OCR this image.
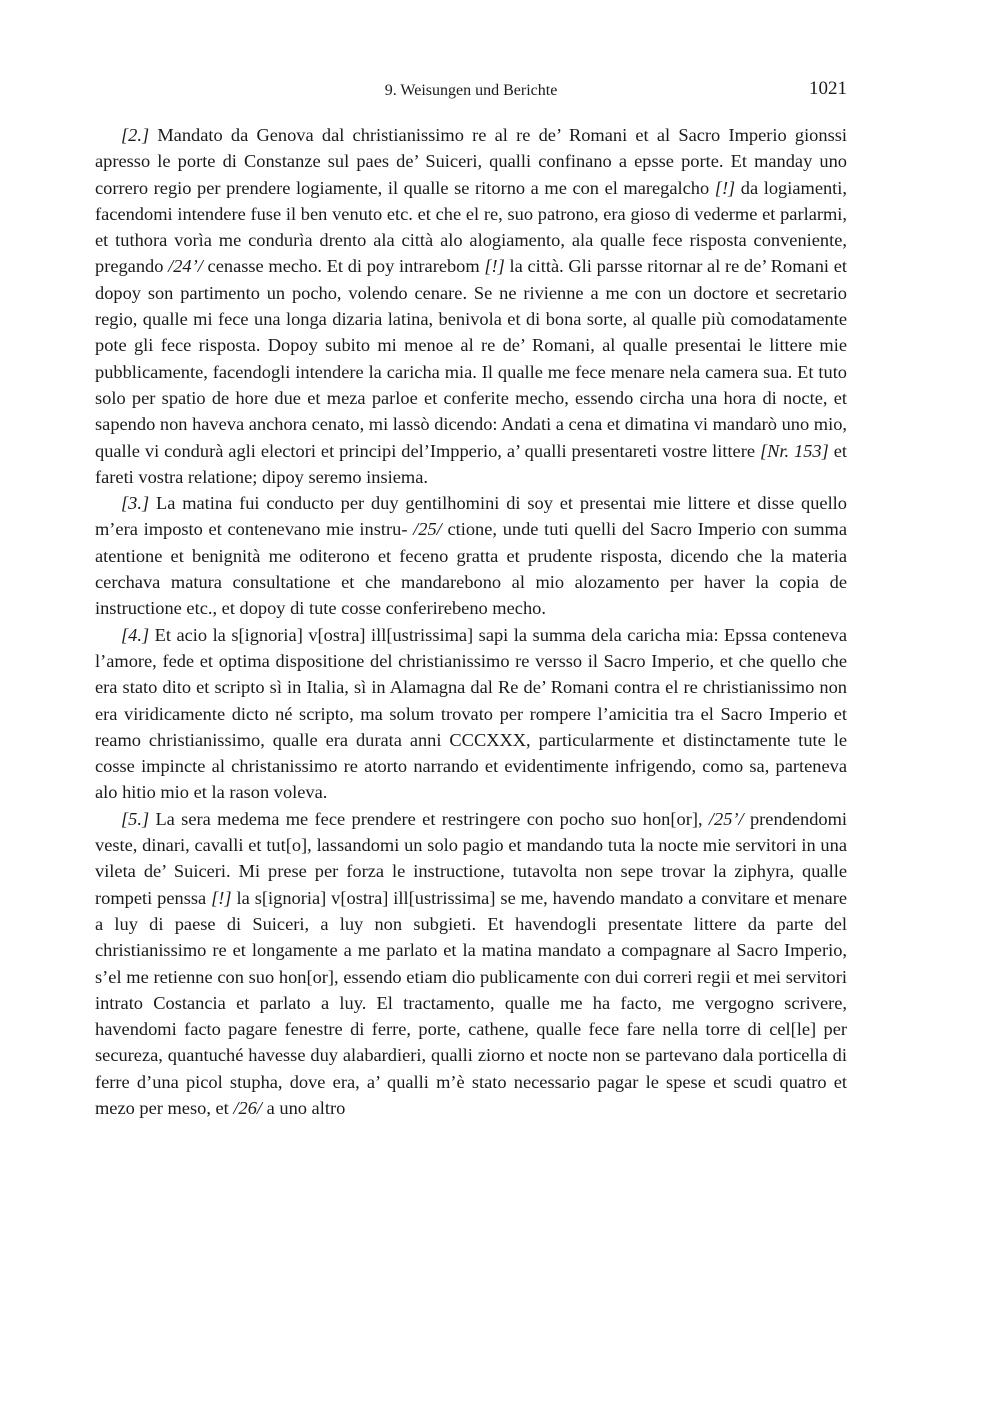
9. Weisungen und Berichte	1021

[2.] Mandato da Genova dal christianissimo re al re de’ Romani et al Sacro Imperio gionssi apresso le porte di Constanze sul paes de’ Suiceri, qualli confinano a epsse porte. Et manday uno correro regio per prendere logiamente, il qualle se ritorno a me con el maregalcho [!] da logiamenti, facendomi intendere fuse il ben venuto etc. et che el re, suo patrono, era gioso di vederme et parlarmi, et tuthora vorìa me condurìa drento ala città alo alogiamento, ala qualle fece risposta conveniente, pregando /24’/ cenasse mecho. Et di poy intrarebom [!] la città. Gli parsse ritornar al re de’ Romani et dopoy son partimento un pocho, volendo cenare. Se ne rivienne a me con un doctore et secretario regio, qualle mi fece una longa dizaria latina, benivola et di bona sorte, al qualle più comodatamente pote gli fece risposta. Dopoy subito mi menoe al re de’ Romani, al qualle presentai le littere mie pubblicamente, facendogli intendere la caricha mia. Il qualle me fece menare nela camera sua. Et tuto solo per spatio de hore due et meza parloe et conferite mecho, essendo circha una hora di nocte, et sapendo non haveva anchora cenato, mi lassò dicendo: Andati a cena et dimatina vi mandarò uno mio, qualle vi condurà agli electori et principi del’Impperio, a’ qualli presentareti vostre littere [Nr. 153] et fareti vostra relatione; dipoy seremo insiema.

[3.] La matina fui conducto per duy gentilhomini di soy et presentai mie littere et disse quello m’era imposto et contenevano mie instru- /25/ ctione, unde tuti quelli del Sacro Imperio con summa atentione et benignità me oditerono et feceno gratta et prudente risposta, dicendo che la materia cerchava matura consultatione et che mandarebono al mio alozamento per haver la copia de instructione etc., et dopoy di tute cosse conferirebeno mecho.

[4.] Et acio la s[ignoria] v[ostra] ill[ustrissima] sapi la summa dela caricha mia: Epssa conteneva l’amore, fede et optima dispositione del christianissimo re versso il Sacro Imperio, et che quello che era stato dito et scripto sì in Italia, sì in Alamagna dal Re de’ Romani contra el re christianissimo non era viridicamente dicto né scripto, ma solum trovato per rompere l’amicitia tra el Sacro Imperio et reamo christianissimo, qualle era durata anni CCCXXX, particularmente et distinctamente tute le cosse impincte al christanissimo re atorto narrando et evidentimente infrigendo, como sa, parteneva alo hitio mio et la rason voleva.

[5.] La sera medema me fece prendere et restringere con pocho suo hon[or], /25’/ prendendomi veste, dinari, cavalli et tut[o], lassandomi un solo pagio et mandando tuta la nocte mie servitori in una vileta de’ Suiceri. Mi prese per forza le instructione, tutavolta non sepe trovar la ziphyra, qualle rompeti penssa [!] la s[ignoria] v[ostra] ill[ustrissima] se me, havendo mandato a convitare et menare a luy di paese di Suiceri, a luy non subgieti. Et havendogli presentate littere da parte del christianissimo re et longamente a me parlato et la matina mandato a compagnare al Sacro Imperio, s’el me retienne con suo hon[or], essendo etiam dio publicamente con dui correri regii et mei servitori intrato Costancia et parlato a luy. El tractamento, qualle me ha facto, me vergogno scrivere, havendomi facto pagare fenestre di ferre, porte, cathene, qualle fece fare nella torre di cel[le] per secureza, quantuché havesse duy alabardieri, qualli ziorno et nocte non se partevano dala porticella di ferre d’una picol stupha, dove era, a’ qualli m’è stato necessario pagar le spese et scudi quatro et mezo per meso, et /26/ a uno altro
